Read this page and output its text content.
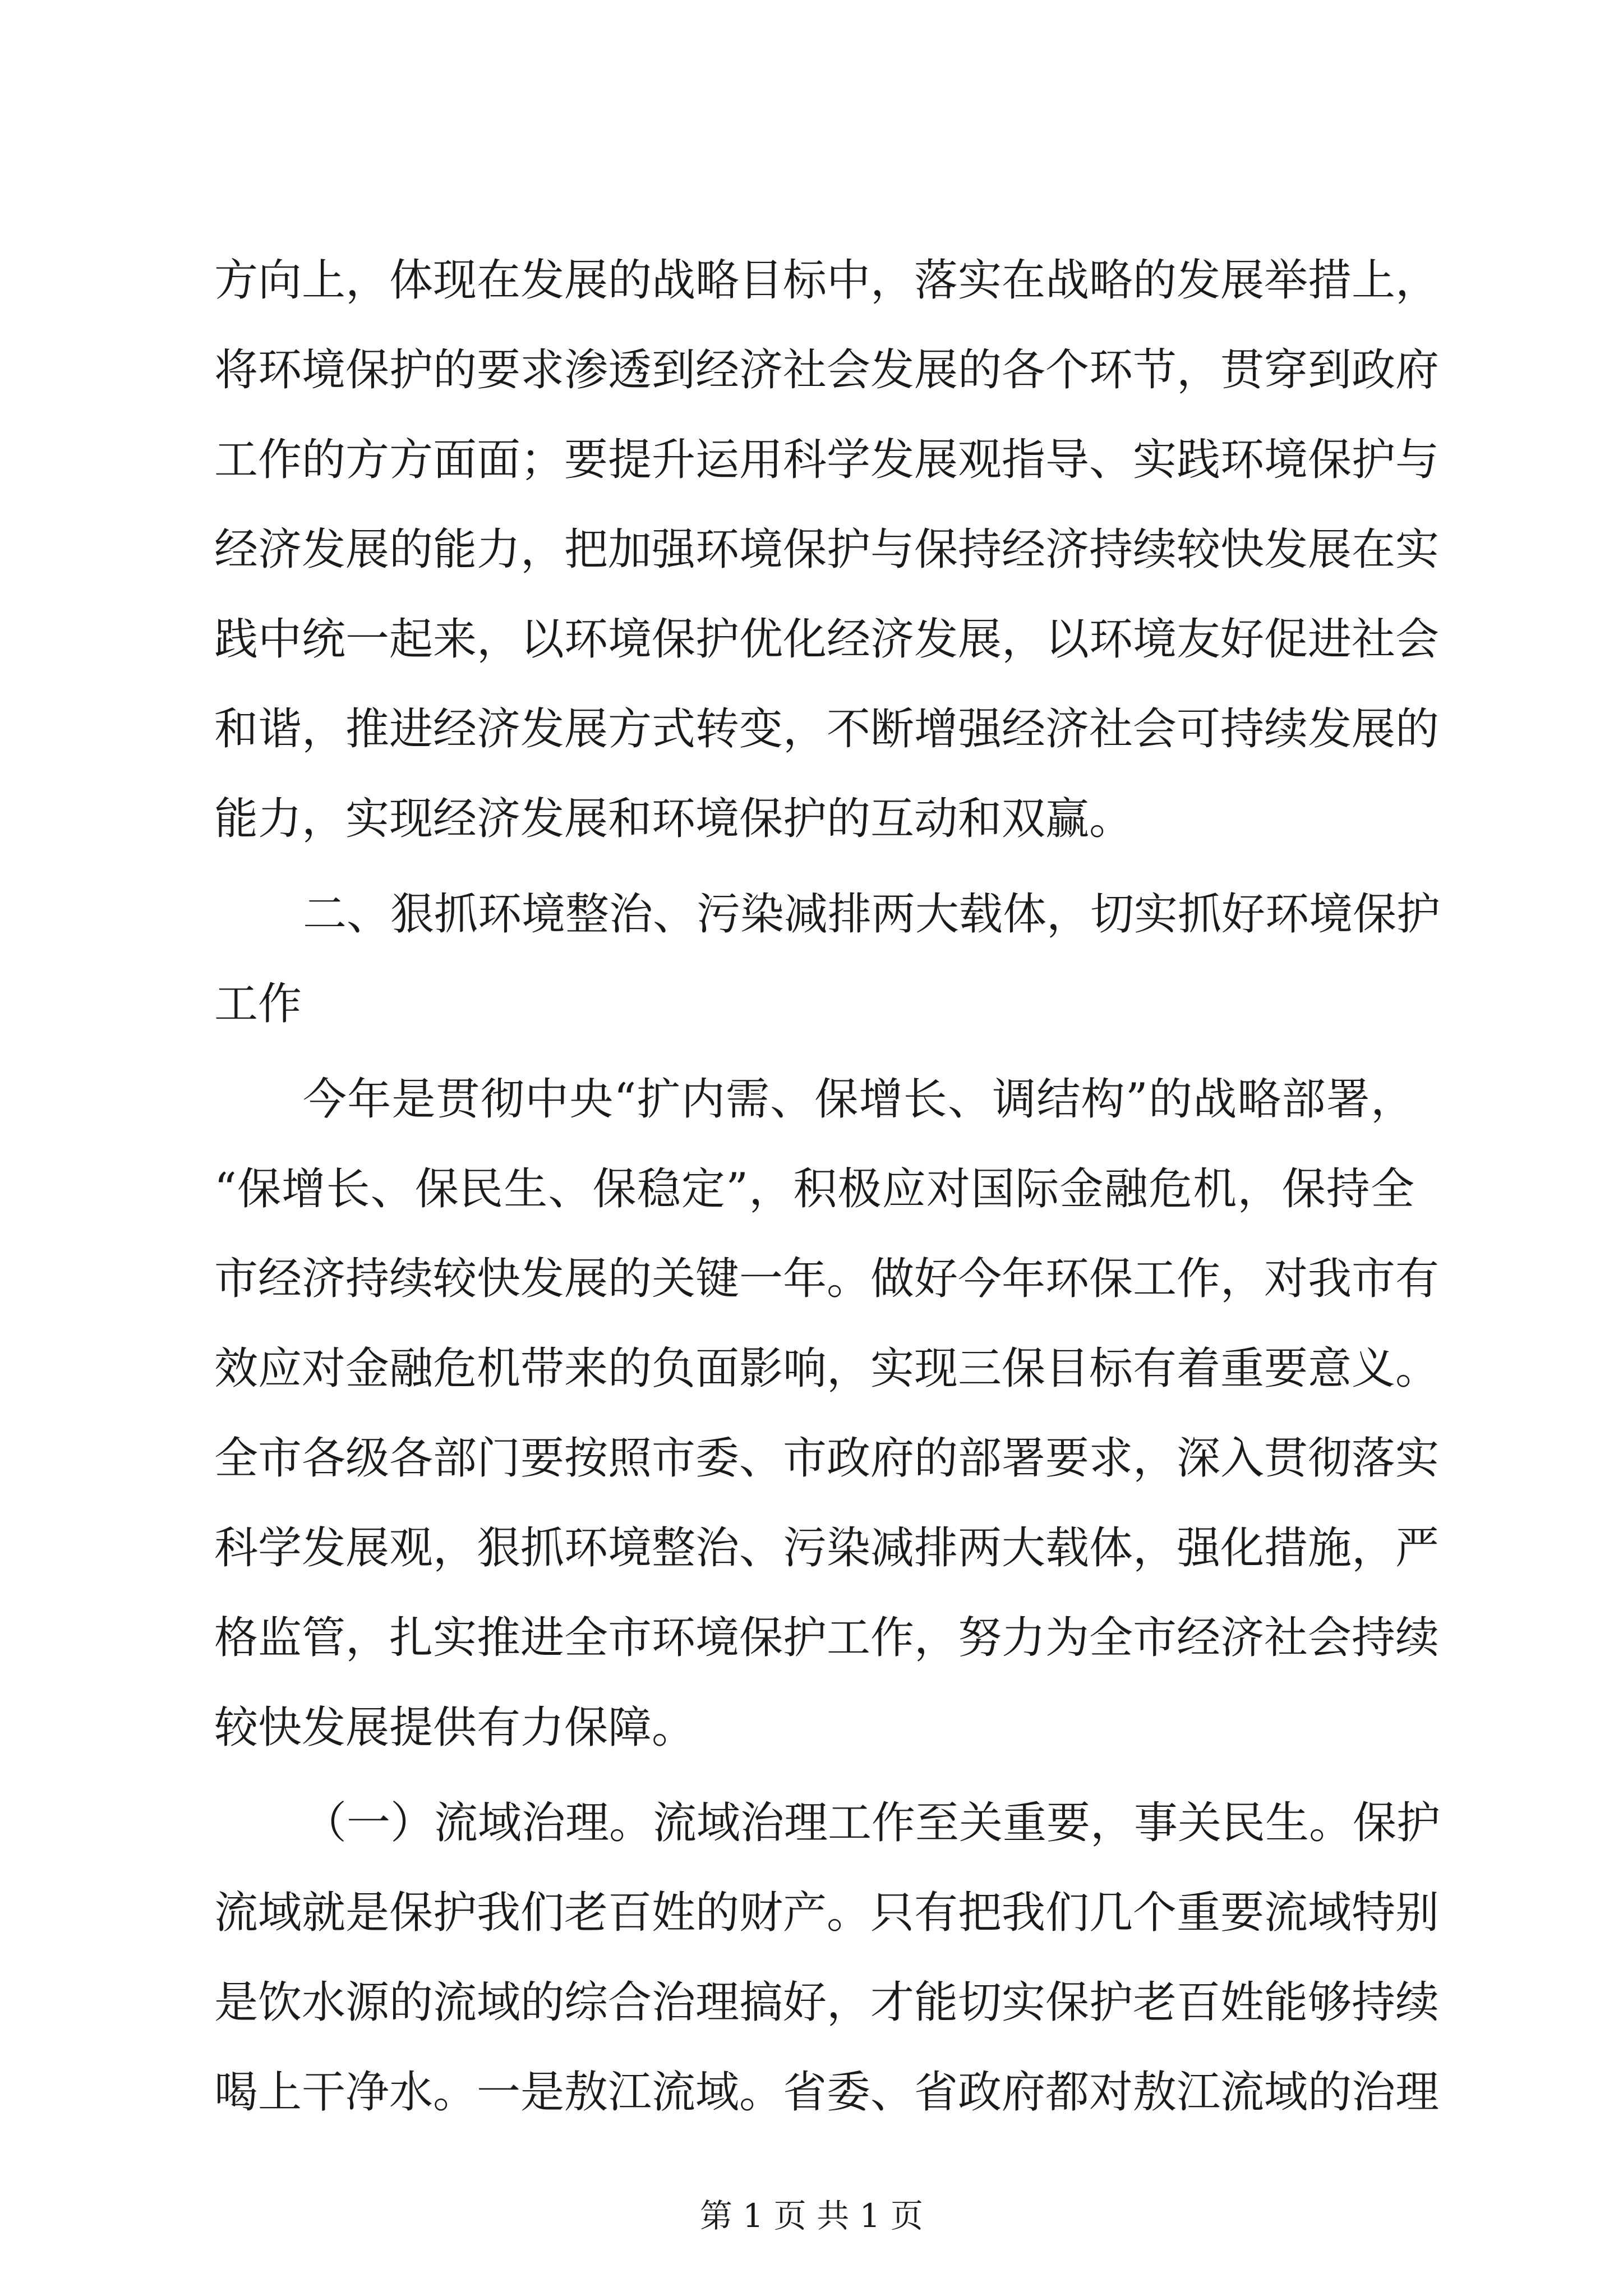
方向上，体现在发展的战略目标中，落实在战略的发展举措上，
将环境保护的要求渗透到经济社会发展的各个环节，贯穿到政府
工作的方方面面；要提升运用科学发展观指导、实践环境保护与
经济发展的能力，把加强环境保护与保持经济持续较快发展在实
践中统一起来，以环境保护优化经济发展，以环境友好促进社会
和谐，推进经济发展方式转变，不断增强经济社会可持续发展的
能力，实现经济发展和环境保护的互动和双赢。
二、狠抓环境整治、污染减排两大载体，切实抓好环境保护
工作
今年是贯彻中央“扩内需、保增长、调结构”的战略部署，
“保增长、保民生、保稳定”，积极应对国际金融危机，保持全
市经济持续较快发展的关键一年。做好今年环保工作，对我市有
效应对金融危机带来的负面影响，实现三保目标有着重要意义。
全市各级各部门要按照市委、市政府的部署要求，深入贯彻落实
科学发展观，狠抓环境整治、污染减排两大载体，强化措施，严
格监管，扎实推进全市环境保护工作，努力为全市经济社会持续
较快发展提供有力保障。
（一）流域治理。流域治理工作至关重要，事关民生。保护
流域就是保护我们老百姓的财产。只有把我们几个重要流域特别
是饮水源的流域的综合治理搞好，才能切实保护老百姓能够持续
喝上干净水。一是敖江流域。省委、省政府都对敖江流域的治理
第 1 页 共 1 页
